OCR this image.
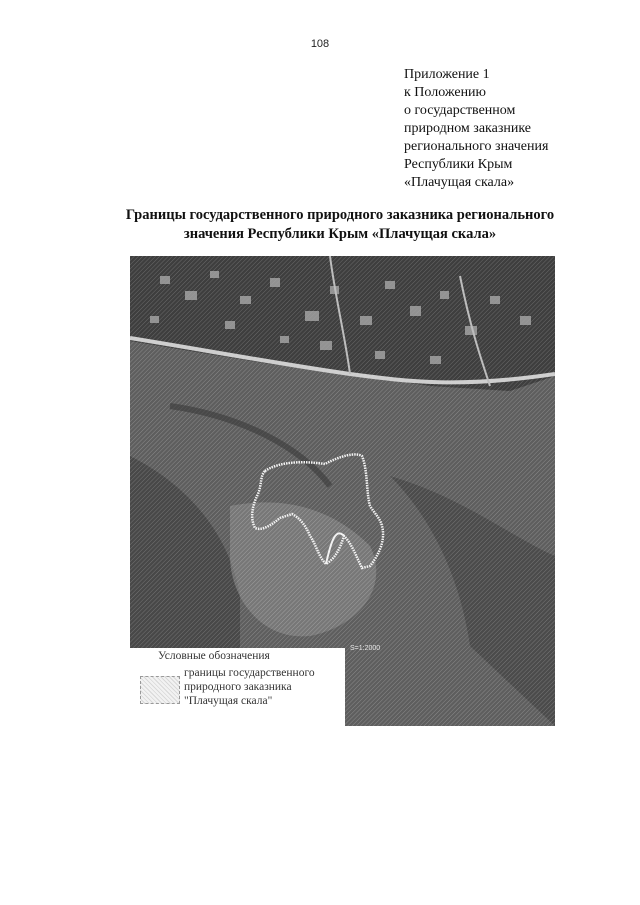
108
Приложение 1
к Положению
о государственном
природном заказнике
регионального значения
Республики Крым
«Плачущая скала»
Границы государственного природного заказника регионального
значения Республики Крым «Плачущая скала»
S=1:2000
Условные обозначения
границы государственного
природного заказника
"Плачущая скала"
